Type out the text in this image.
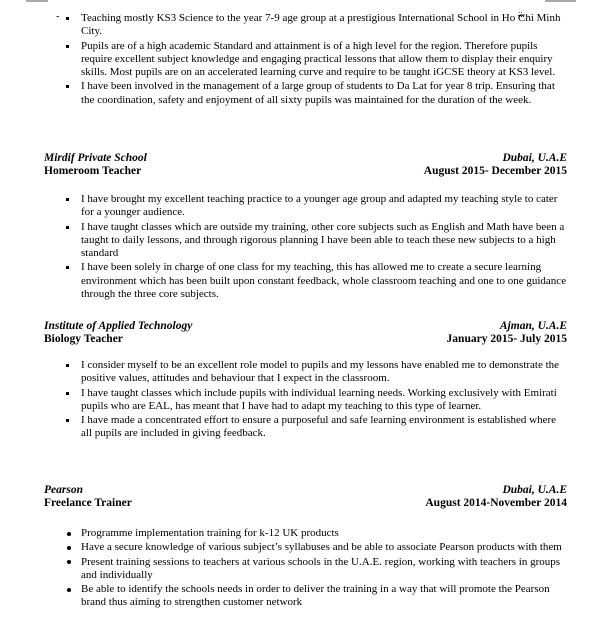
Teaching mostly KS3 Science to the year 7-9 age group at a prestigious International School in Ho Chi Minh City.
Pupils are of a high academic Standard and attainment is of a high level for the region. Therefore pupils require excellent subject knowledge and engaging practical lessons that allow them to display their enquiry skills. Most pupils are on an accelerated learning curve and require to be taught iGCSE theory at KS3 level.
I have been involved in the management of a large group of students to Da Lat for year 8 trip. Ensuring that the coordination, safety and enjoyment of all sixty pupils was maintained for the duration of the week.
Mirdif Private School
Homeroom Teacher
Dubai, U.A.E
August 2015- December 2015
I have brought my excellent teaching practice to a younger age group and adapted my teaching style to cater for a younger audience.
I have taught classes which are outside my training, other core subjects such as English and Math have been a taught to daily lessons, and through rigorous planning I have been able to teach these new subjects to a high standard
I have been solely in charge of one class for my teaching, this has allowed me to create a secure learning environment which has been built upon constant feedback, whole classroom teaching and one to one guidance through the three core subjects.
Institute of Applied Technology
Biology Teacher
Ajman, U.A.E
January 2015- July 2015
I consider myself to be an excellent role model to pupils and my lessons have enabled me to demonstrate the positive values, attitudes and behaviour that I expect in the classroom.
I have taught classes which include pupils with individual learning needs. Working exclusively with Emirati pupils who are EAL, has meant that I have had to adapt my teaching to this type of learner.
I have made a concentrated effort to ensure a purposeful and safe learning environment is established where all pupils are included in giving feedback.
Pearson
Freelance Trainer
Dubai, U.A.E
August 2014-November 2014
Programme implementation training for k-12 UK products
Have a secure knowledge of various subject’s syllabuses and be able to associate Pearson products with them
Present training sessions to teachers at various schools in the U.A.E. region, working with teachers in groups and individually
Be able to identify the schools needs in order to deliver the training in a way that will promote the Pearson brand thus aiming to strengthen customer network
